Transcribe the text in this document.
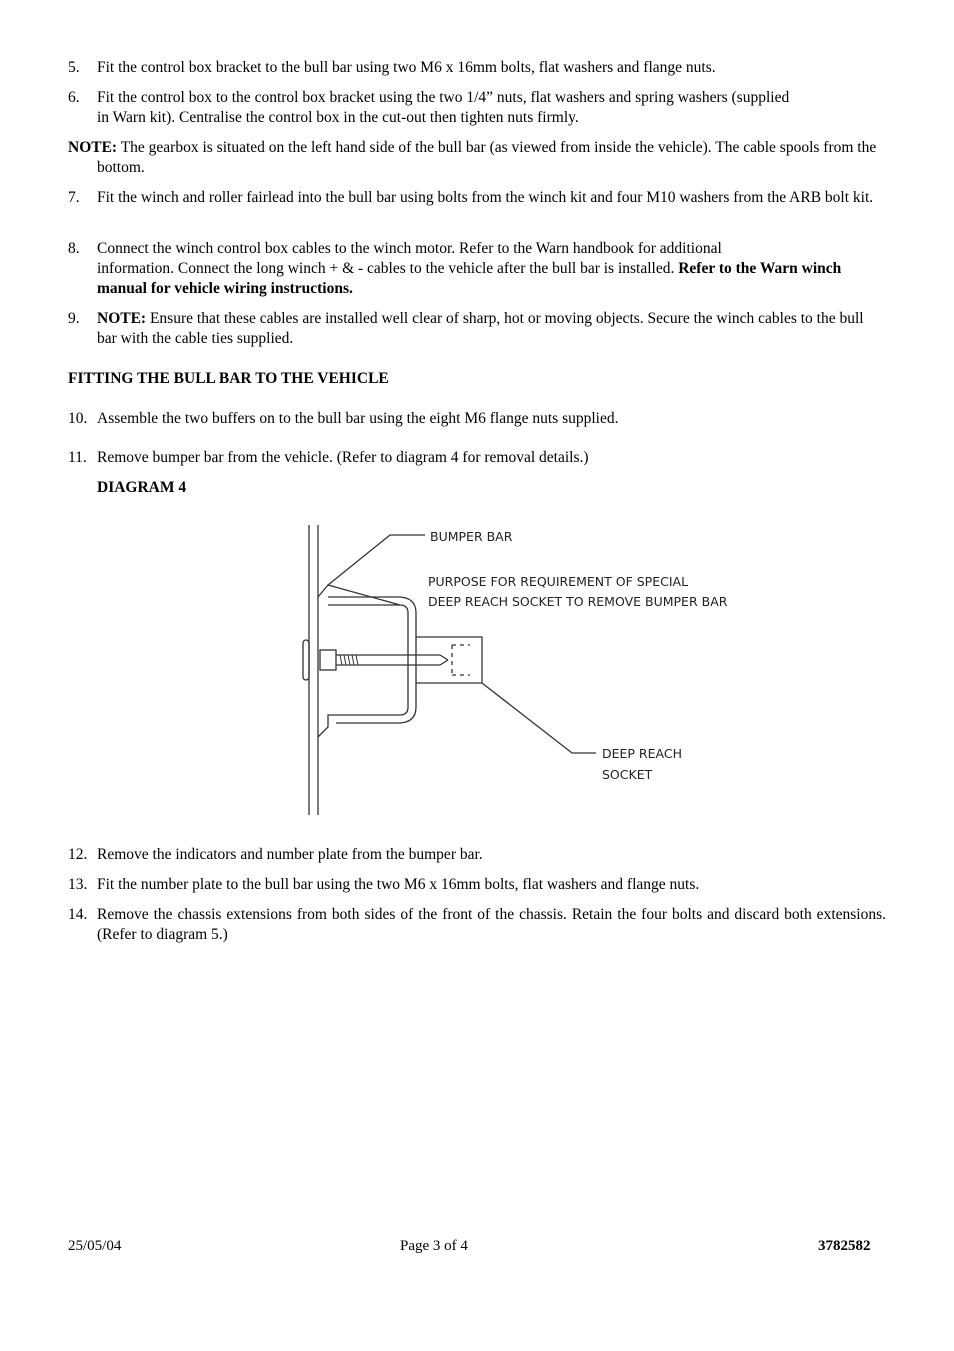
5.	Fit the control box bracket to the bull bar using two M6 x 16mm bolts, flat washers and flange nuts.
6.	Fit the control box to the control box bracket using the two 1/4” nuts, flat washers and spring washers (supplied
in Warn kit). Centralise the control box in the cut-out then tighten nuts firmly.
NOTE: The gearbox is situated on the left hand side of the bull bar (as viewed from inside the vehicle). The cable spools from the bottom.
7.	Fit the winch and roller fairlead into the bull bar using bolts from the winch kit and four M10 washers from the ARB bolt kit.
8.	Connect the winch control box cables to the winch motor. Refer to the Warn handbook for additional
information. Connect the long winch + & - cables to the vehicle after the bull bar is installed. Refer to the Warn winch manual for vehicle wiring instructions.
9.	NOTE: Ensure that these cables are installed well clear of sharp, hot or moving objects. Secure the winch cables to the bull bar with the cable ties supplied.
FITTING THE BULL BAR TO THE VEHICLE
10. Assemble the two buffers on to the bull bar using the eight M6 flange nuts supplied.
11. Remove bumper bar from the vehicle. (Refer to diagram 4 for removal details.)
DIAGRAM 4
BUMPER BAR
PURPOSE FOR REQUIREMENT OF SPECIAL
DEEP REACH SOCKET TO REMOVE BUMPER BAR
DEEP REACH
SOCKET
12. Remove the indicators and number plate from the bumper bar.
13. Fit the number plate to the bull bar using the two M6 x 16mm bolts, flat washers and flange nuts.
14. Remove the chassis extensions from both sides of the front of the chassis. Retain the four bolts and discard both extensions. (Refer to diagram 5.)
25/05/04	Page 3 of 4	3782582
